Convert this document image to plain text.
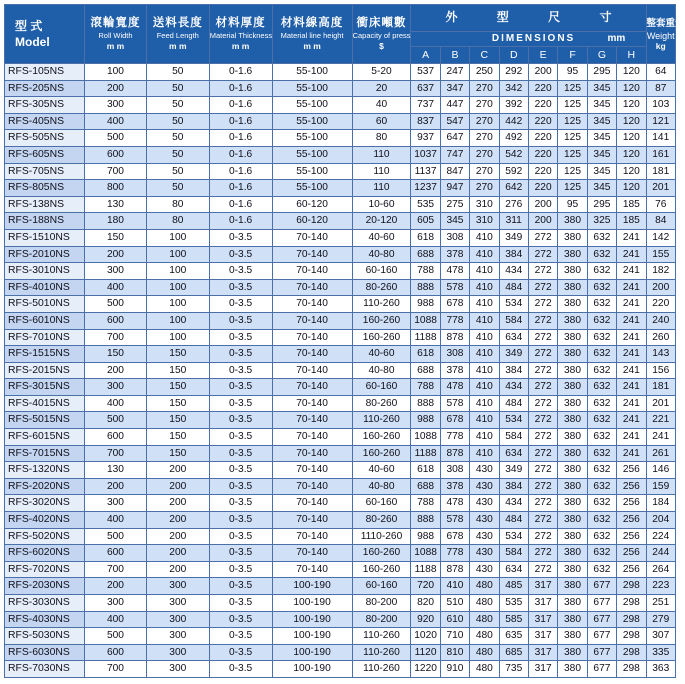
型 式
Model	滾輪寬度
Roll Width
m m	送料長度
Feed Length
m m	材料厚度
Material Thickness
m m	材料線高度
Material line height
m m	衝床噸數
Capacity of press
$	外 型 尺 寸								整套重量
Weight
kg

						DIMENSIONS						mm		
						A	B	C	D	E	F	G	H	
RFS-105NS	100	50	0-1.6	55-100	5-20	537	247	250	292	200	95	295	120	64
RFS-205NS	200	50	0-1.6	55-100	20	637	347	270	342	220	125	345	120	87
RFS-305NS	300	50	0-1.6	55-100	40	737	447	270	392	220	125	345	120	103
RFS-405NS	400	50	0-1.6	55-100	60	837	547	270	442	220	125	345	120	121
RFS-505NS	500	50	0-1.6	55-100	80	937	647	270	492	220	125	345	120	141
RFS-605NS	600	50	0-1.6	55-100	110	1037	747	270	542	220	125	345	120	161
RFS-705NS	700	50	0-1.6	55-100	110	1137	847	270	592	220	125	345	120	181
RFS-805NS	800	50	0-1.6	55-100	110	1237	947	270	642	220	125	345	120	201
RFS-138NS	130	80	0-1.6	60-120	10-60	535	275	310	276	200	95	295	185	76
RFS-188NS	180	80	0-1.6	60-120	20-120	605	345	310	311	200	380	325	185	84
RFS-1510NS	150	100	0-3.5	70-140	40-60	618	308	410	349	272	380	632	241	142
RFS-2010NS	200	100	0-3.5	70-140	40-80	688	378	410	384	272	380	632	241	155
RFS-3010NS	300	100	0-3.5	70-140	60-160	788	478	410	434	272	380	632	241	182
RFS-4010NS	400	100	0-3.5	70-140	80-260	888	578	410	484	272	380	632	241	200
RFS-5010NS	500	100	0-3.5	70-140	110-260	988	678	410	534	272	380	632	241	220
RFS-6010NS	600	100	0-3.5	70-140	160-260	1088	778	410	584	272	380	632	241	240
RFS-7010NS	700	100	0-3.5	70-140	160-260	1188	878	410	634	272	380	632	241	260
RFS-1515NS	150	150	0-3.5	70-140	40-60	618	308	410	349	272	380	632	241	143
RFS-2015NS	200	150	0-3.5	70-140	40-80	688	378	410	384	272	380	632	241	156
RFS-3015NS	300	150	0-3.5	70-140	60-160	788	478	410	434	272	380	632	241	181
RFS-4015NS	400	150	0-3.5	70-140	80-260	888	578	410	484	272	380	632	241	201
RFS-5015NS	500	150	0-3.5	70-140	110-260	988	678	410	534	272	380	632	241	221
RFS-6015NS	600	150	0-3.5	70-140	160-260	1088	778	410	584	272	380	632	241	241
RFS-7015NS	700	150	0-3.5	70-140	160-260	1188	878	410	634	272	380	632	241	261
RFS-1320NS	130	200	0-3.5	70-140	40-60	618	308	430	349	272	380	632	256	146
RFS-2020NS	200	200	0-3.5	70-140	40-80	688	378	430	384	272	380	632	256	159
RFS-3020NS	300	200	0-3.5	70-140	60-160	788	478	430	434	272	380	632	256	184
RFS-4020NS	400	200	0-3.5	70-140	80-260	888	578	430	484	272	380	632	256	204
RFS-5020NS	500	200	0-3.5	70-140	1110-260	988	678	430	534	272	380	632	256	224
RFS-6020NS	600	200	0-3.5	70-140	160-260	1088	778	430	584	272	380	632	256	244
RFS-7020NS	700	200	0-3.5	70-140	160-260	1188	878	430	634	272	380	632	256	264
RFS-2030NS	200	300	0-3.5	100-190	60-160	720	410	480	485	317	380	677	298	223
RFS-3030NS	300	300	0-3.5	100-190	80-200	820	510	480	535	317	380	677	298	251
RFS-4030NS	400	300	0-3.5	100-190	80-200	920	610	480	585	317	380	677	298	279
RFS-5030NS	500	300	0-3.5	100-190	110-260	1020	710	480	635	317	380	677	298	307
RFS-6030NS	600	300	0-3.5	100-190	110-260	1120	810	480	685	317	380	677	298	335
RFS-7030NS	700	300	0-3.5	100-190	110-260	1220	910	480	735	317	380	677	298	363
